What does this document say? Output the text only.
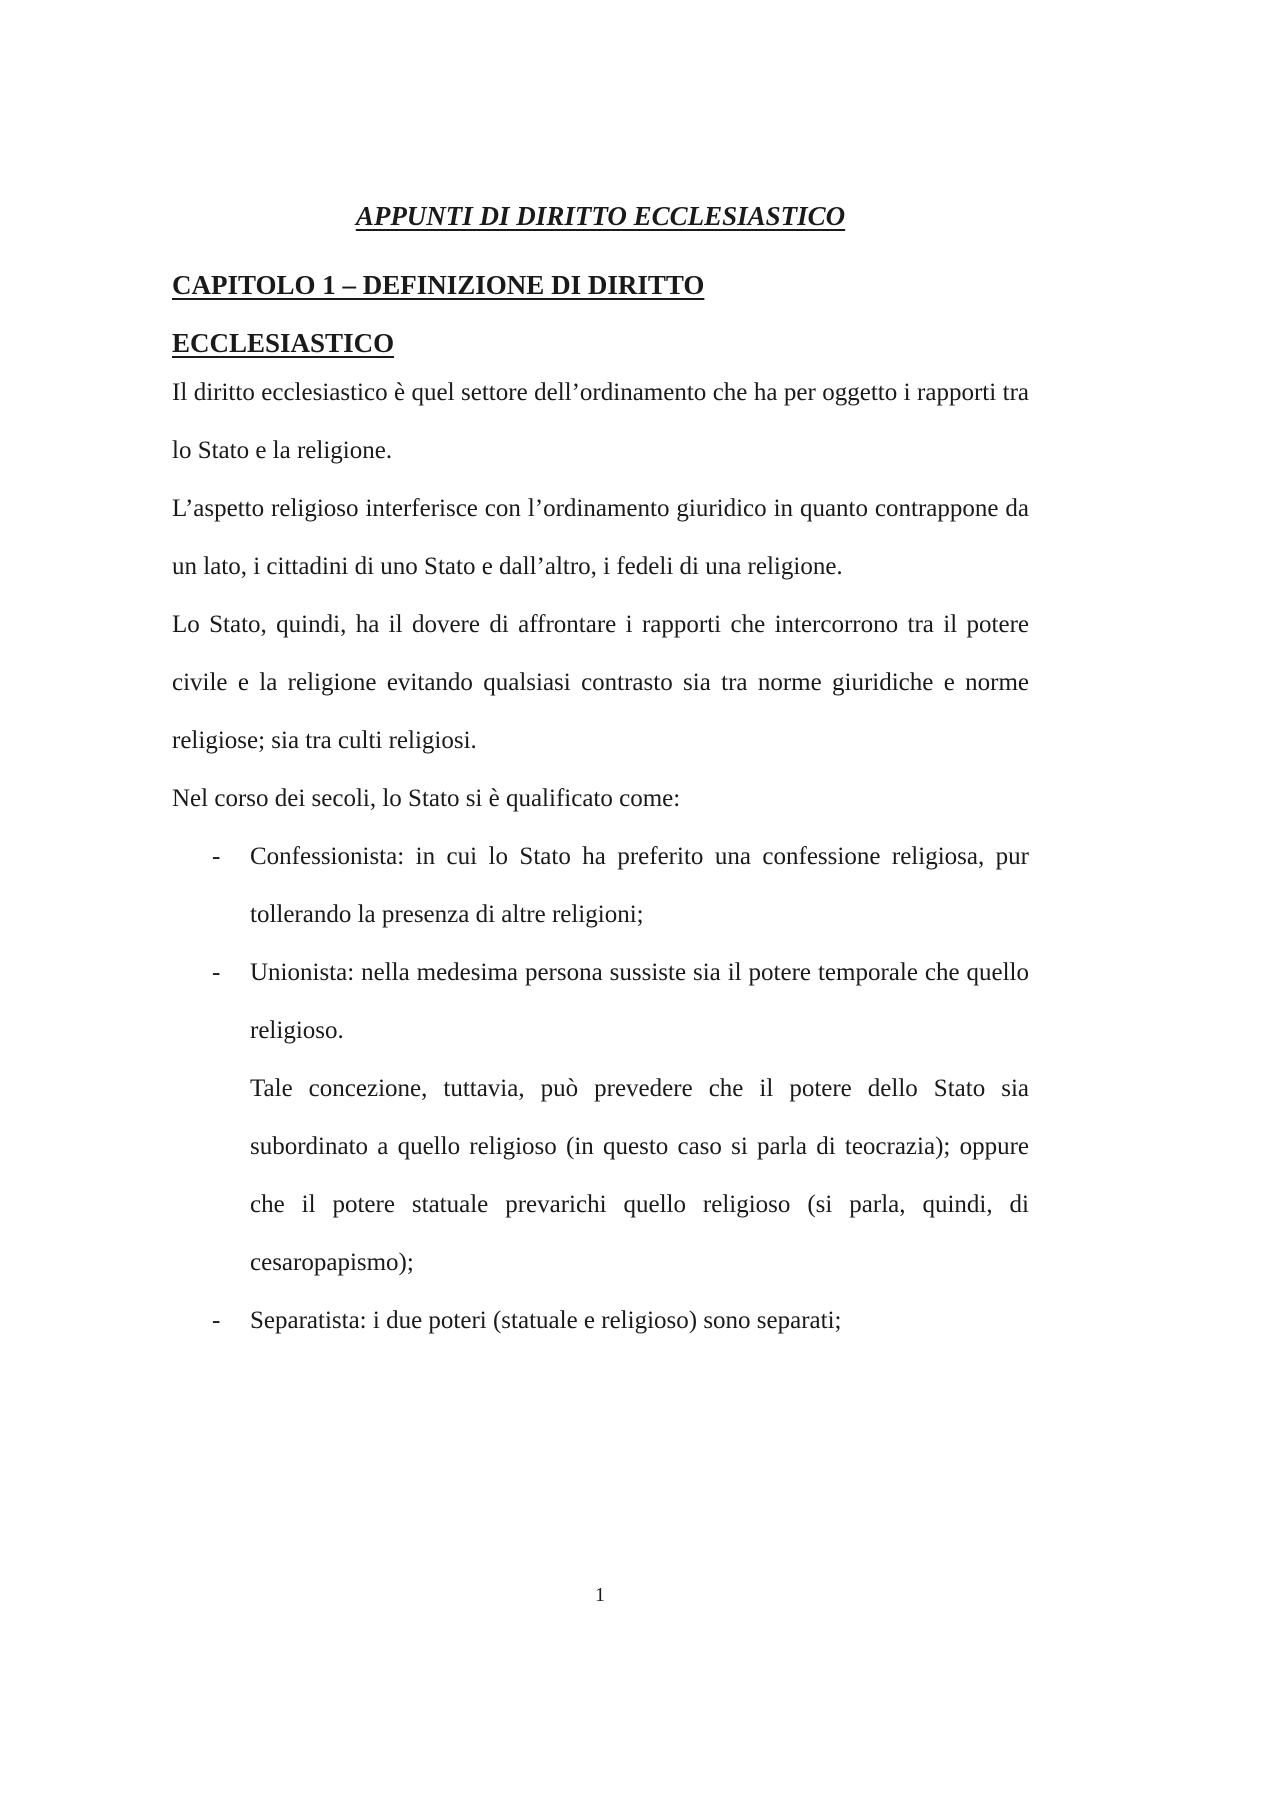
APPUNTI DI DIRITTO ECCLESIASTICO
CAPITOLO 1 – DEFINIZIONE DI DIRITTO
ECCLESIASTICO

Il diritto ecclesiastico è quel settore dell’ordinamento che ha per oggetto i rapporti tra lo Stato e la religione.

L’aspetto religioso interferisce con l’ordinamento giuridico in quanto contrappone da un lato, i cittadini di uno Stato e dall’altro, i fedeli di una religione.

Lo Stato, quindi, ha il dovere di affrontare i rapporti che intercorrono tra il potere civile e la religione evitando qualsiasi contrasto sia tra norme giuridiche e norme religiose; sia tra culti religiosi.

Nel corso dei secoli, lo Stato si è qualificato come:

- Confessionista: in cui lo Stato ha preferito una confessione religiosa, pur tollerando la presenza di altre religioni;

- Unionista: nella medesima persona sussiste sia il potere temporale che quello religioso.

Tale concezione, tuttavia, può prevedere che il potere dello Stato sia subordinato a quello religioso (in questo caso si parla di teocrazia); oppure che il potere statuale prevarichi quello religioso (si parla, quindi, di cesaropapismo);

- Separatista: i due poteri (statuale e religioso) sono separati;

1
